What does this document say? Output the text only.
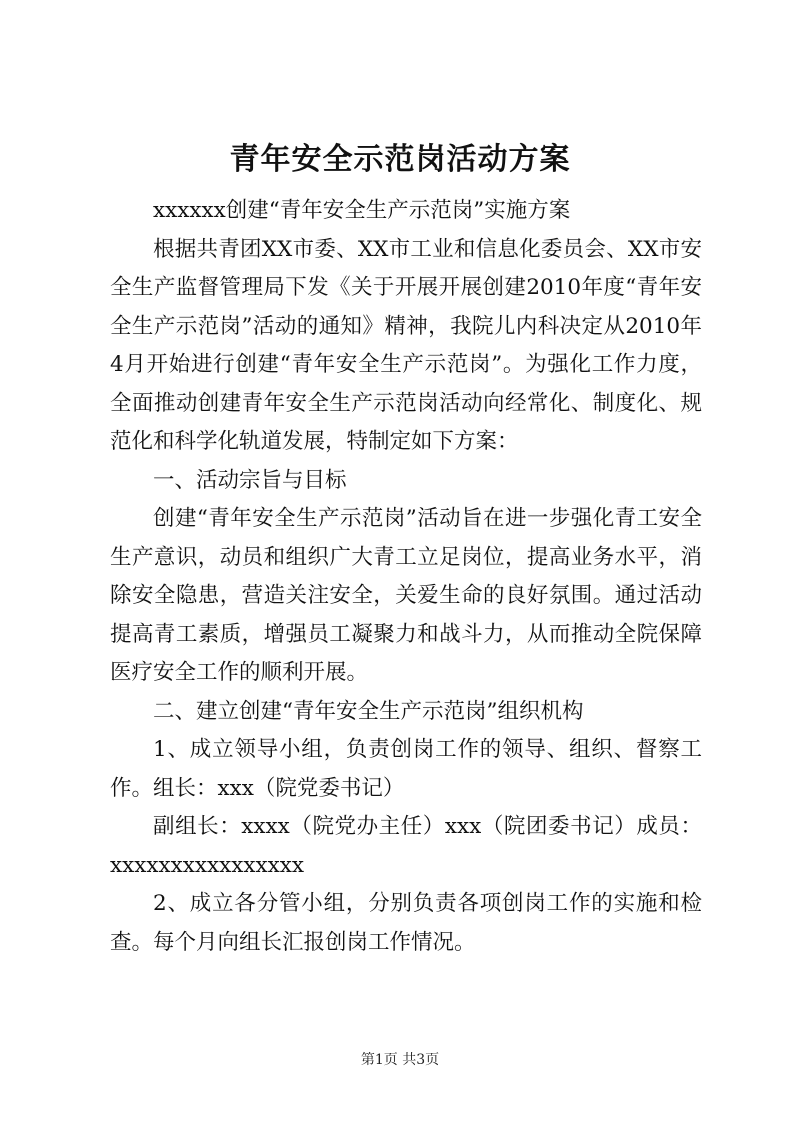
青年安全示范岗活动方案

xxxxxx创建“青年安全生产示范岗”实施方案

根据共青团XX市委、XX市工业和信息化委员会、XX市安全生产监督管理局下发《关于开展开展创建2010年度“青年安全生产示范岗”活动的通知》精神，我院儿内科决定从2010年4月开始进行创建“青年安全生产示范岗”。为强化工作力度，全面推动创建青年安全生产示范岗活动向经常化、制度化、规范化和科学化轨道发展，特制定如下方案：

一、活动宗旨与目标

创建“青年安全生产示范岗”活动旨在进一步强化青工安全生产意识，动员和组织广大青工立足岗位，提高业务水平，消除安全隐患，营造关注安全，关爱生命的良好氛围。通过活动提高青工素质，增强员工凝聚力和战斗力，从而推动全院保障医疗安全工作的顺利开展。

二、建立创建“青年安全生产示范岗”组织机构

1、成立领导小组，负责创岗工作的领导、组织、督察工作。组长：xxx（院党委书记）

副组长：xxxx（院党办主任）xxx（院团委书记）成员：xxxxxxxxxxxxxxxx

2、成立各分管小组，分别负责各项创岗工作的实施和检查。每个月向组长汇报创岗工作情况。

第1页 共3页
